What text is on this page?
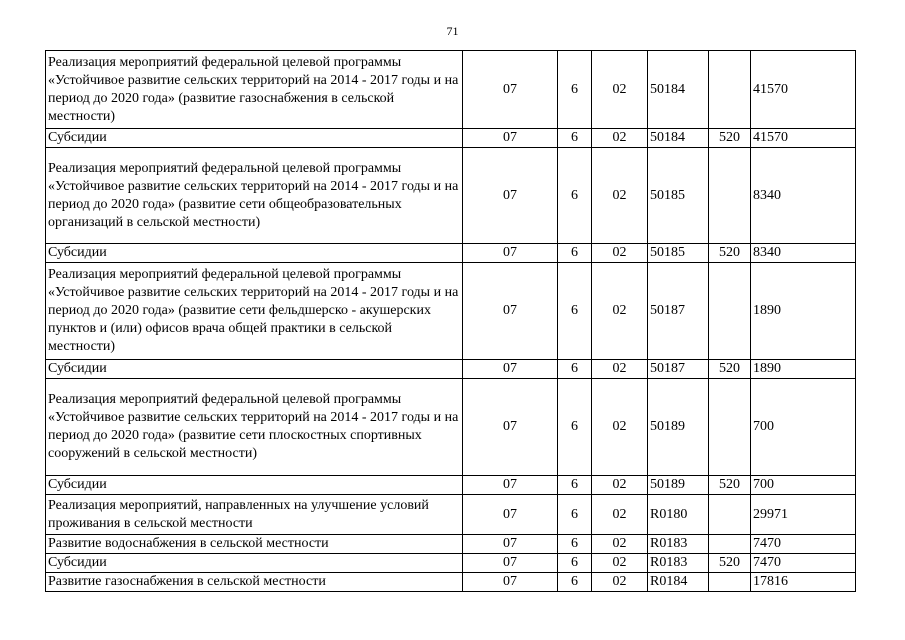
71
Реализация мероприятий федеральной целевой программы «Устойчивое развитие сельских территорий на 2014 - 2017 годы и на период до 2020 года» (развитие газоснабжения в сельской местности)	07	6	02	50184		41570
Субсидии	07	6	02	50184	520	41570
Реализация мероприятий федеральной целевой программы «Устойчивое развитие сельских территорий на 2014 - 2017 годы и на период до 2020 года» (развитие сети общеобразовательных организаций в сельской местности)	07	6	02	50185		8340
Субсидии	07	6	02	50185	520	8340
Реализация мероприятий федеральной целевой программы «Устойчивое развитие сельских территорий на 2014 - 2017 годы и на период до 2020 года» (развитие сети фельдшерско - акушерских пунктов и (или) офисов врача общей практики в сельской местности)	07	6	02	50187		1890
Субсидии	07	6	02	50187	520	1890
Реализация мероприятий федеральной целевой программы «Устойчивое развитие сельских территорий на 2014 - 2017 годы и на период до 2020 года» (развитие сети плоскостных спортивных сооружений в сельской местности)	07	6	02	50189		700
Субсидии	07	6	02	50189	520	700
Реализация мероприятий, направленных на улучшение условий проживания в сельской местности	07	6	02	R0180		29971
Развитие водоснабжения в сельской местности	07	6	02	R0183		7470
Субсидии	07	6	02	R0183	520	7470
Развитие газоснабжения в сельской местности	07	6	02	R0184		17816
